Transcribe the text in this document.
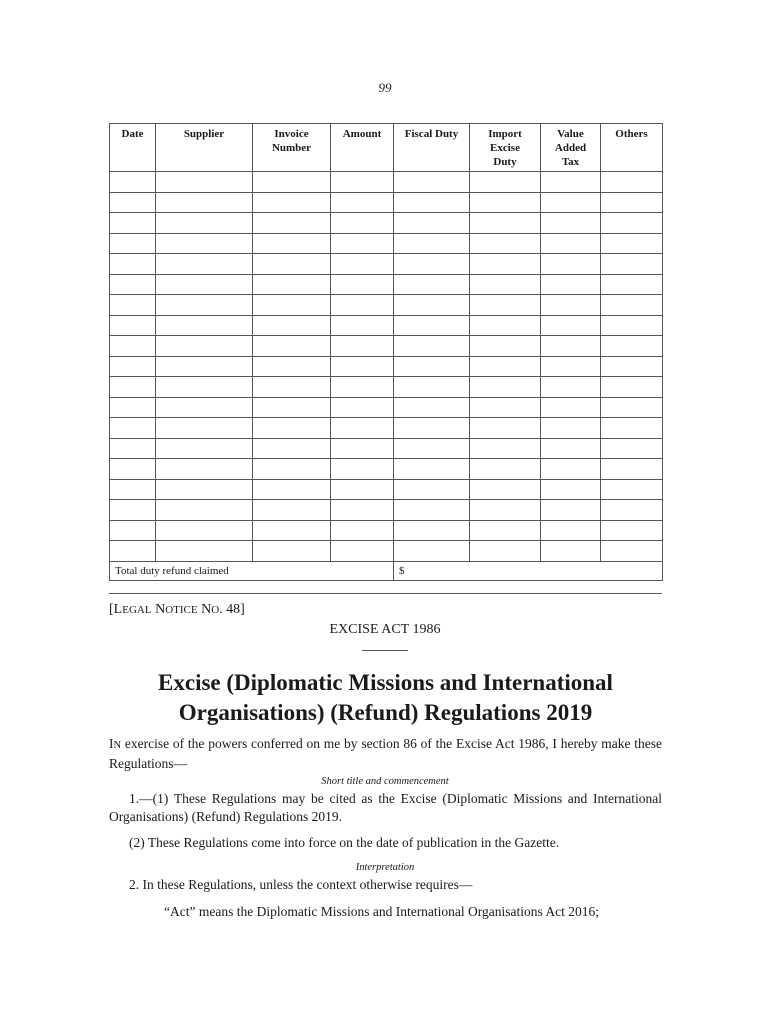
99
Date	Supplier	Invoice Number	Amount	Fiscal Duty	Import Excise Duty	Value Added Tax	Others

Total duty refund claimed				$			
[LEGAL NOTICE NO. 48]
EXCISE ACT 1986
Excise (Diplomatic Missions and International
Organisations) (Refund) Regulations 2019
IN exercise of the powers conferred on me by section 86 of the Excise Act 1986, I hereby make these Regulations—
Short title and commencement
1.—(1) These Regulations may be cited as the Excise (Diplomatic Missions and International Organisations) (Refund) Regulations 2019.
(2) These Regulations come into force on the date of publication in the Gazette.
Interpretation
2. In these Regulations, unless the context otherwise requires—
“Act” means the Diplomatic Missions and International Organisations Act 2016;
